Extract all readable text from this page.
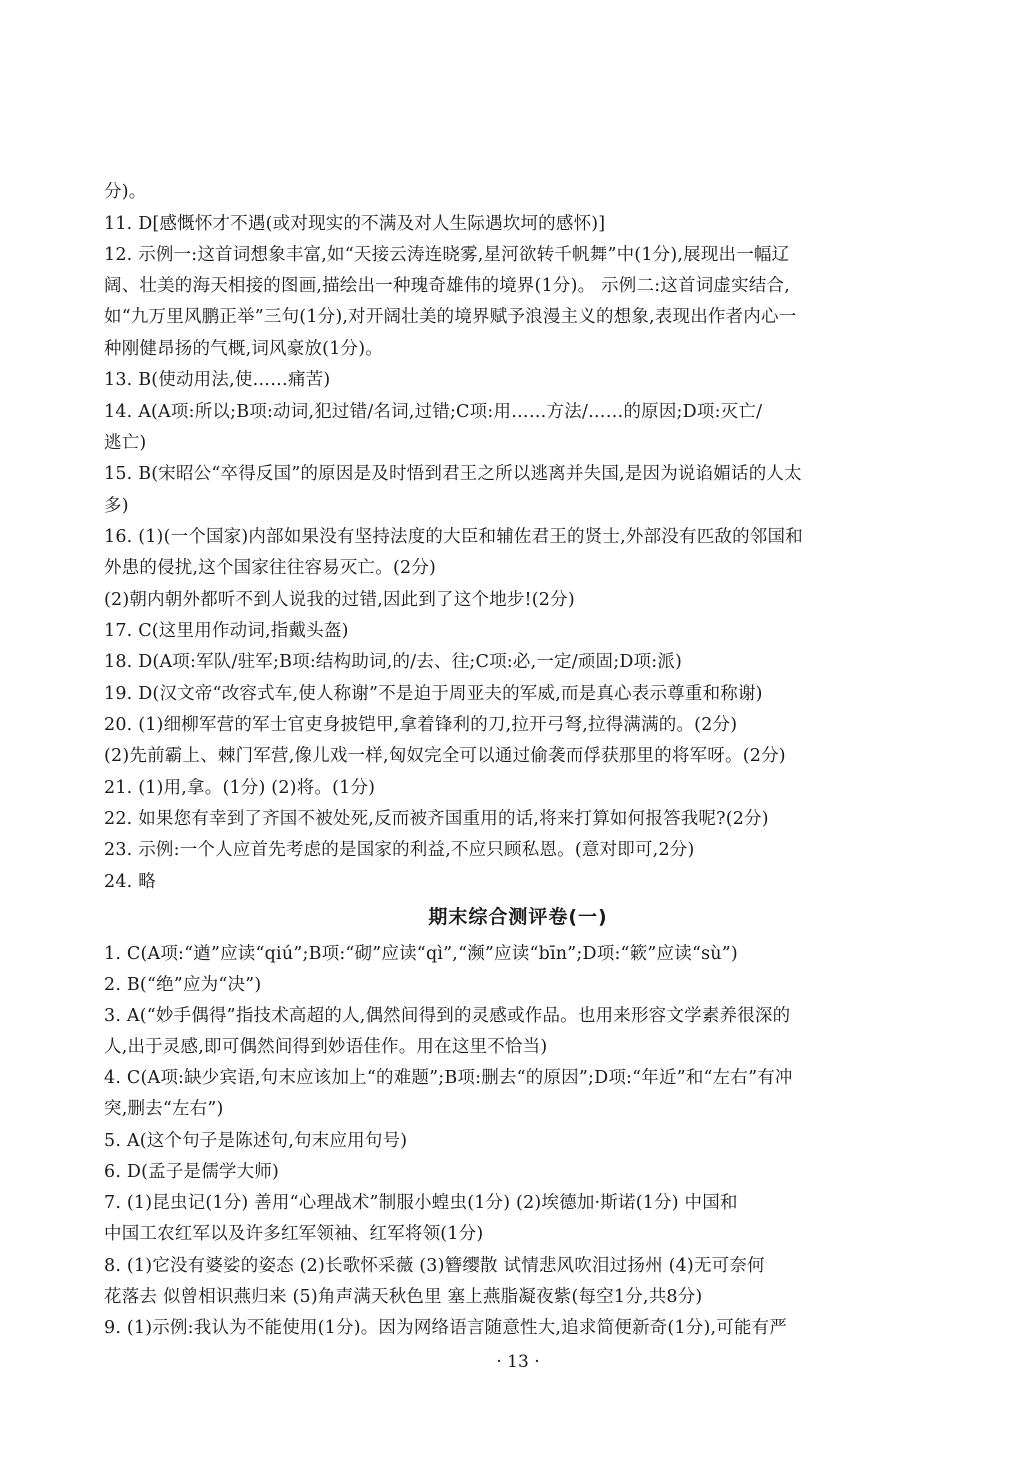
分)。
11. D[感慨怀才不遇(或对现实的不满及对人生际遇坎坷的感怀)]
12. 示例一:这首词想象丰富,如“天接云涛连晓雾,星河欲转千帆舞”中(1分),展现出一幅辽
阔、壮美的海天相接的图画,描绘出一种瑰奇雄伟的境界(1分)。 示例二:这首词虚实结合,
如“九万里风鹏正举”三句(1分),对开阔壮美的境界赋予浪漫主义的想象,表现出作者内心一
种刚健昂扬的气概,词风豪放(1分)。
13. B(使动用法,使……痛苦)
14. A(A项:所以;B项:动词,犯过错/名词,过错;C项:用……方法/……的原因;D项:灭亡/
逃亡)
15. B(宋昭公“卒得反国”的原因是及时悟到君王之所以逃离并失国,是因为说谄媚话的人太
多)
16. (1)(一个国家)内部如果没有坚持法度的大臣和辅佐君王的贤士,外部没有匹敌的邻国和
外患的侵扰,这个国家往往容易灭亡。(2分)
(2)朝内朝外都听不到人说我的过错,因此到了这个地步!(2分)
17. C(这里用作动词,指戴头盔)
18. D(A项:军队/驻军;B项:结构助词,的/去、往;C项:必,一定/顽固;D项:派)
19. D(汉文帝“改容式车,使人称谢”不是迫于周亚夫的军威,而是真心表示尊重和称谢)
20. (1)细柳军营的军士官吏身披铠甲,拿着锋利的刀,拉开弓弩,拉得满满的。(2分)
(2)先前霸上、棘门军营,像儿戏一样,匈奴完全可以通过偷袭而俘获那里的将军呀。(2分)
21. (1)用,拿。(1分) (2)将。(1分)
22. 如果您有幸到了齐国不被处死,反而被齐国重用的话,将来打算如何报答我呢?(2分)
23. 示例:一个人应首先考虑的是国家的利益,不应只顾私恩。(意对即可,2分)
24. 略
期末综合测评卷(一)
1. C(A项:“遒”应读“qiú”;B项:“砌”应读“qì”,“濒”应读“bīn”;D项:“簌”应读“sù”)
2. B(“绝”应为“决”)
3. A(“妙手偶得”指技术高超的人,偶然间得到的灵感或作品。也用来形容文学素养很深的
人,出于灵感,即可偶然间得到妙语佳作。用在这里不恰当)
4. C(A项:缺少宾语,句末应该加上“的难题”;B项:删去“的原因”;D项:“年近”和“左右”有冲
突,删去“左右”)
5. A(这个句子是陈述句,句末应用句号)
6. D(孟子是儒学大师)
7. (1)昆虫记(1分) 善用“心理战术”制服小蝗虫(1分) (2)埃德加·斯诺(1分) 中国和
中国工农红军以及许多红军领袖、红军将领(1分)
8. (1)它没有婆娑的姿态 (2)长歌怀采薇 (3)簪缨散 试情悲风吹泪过扬州 (4)无可奈何
花落去 似曾相识燕归来 (5)角声满天秋色里 塞上燕脂凝夜紫(每空1分,共8分)
9. (1)示例:我认为不能使用(1分)。因为网络语言随意性大,追求简便新奇(1分),可能有严
· 13 ·
